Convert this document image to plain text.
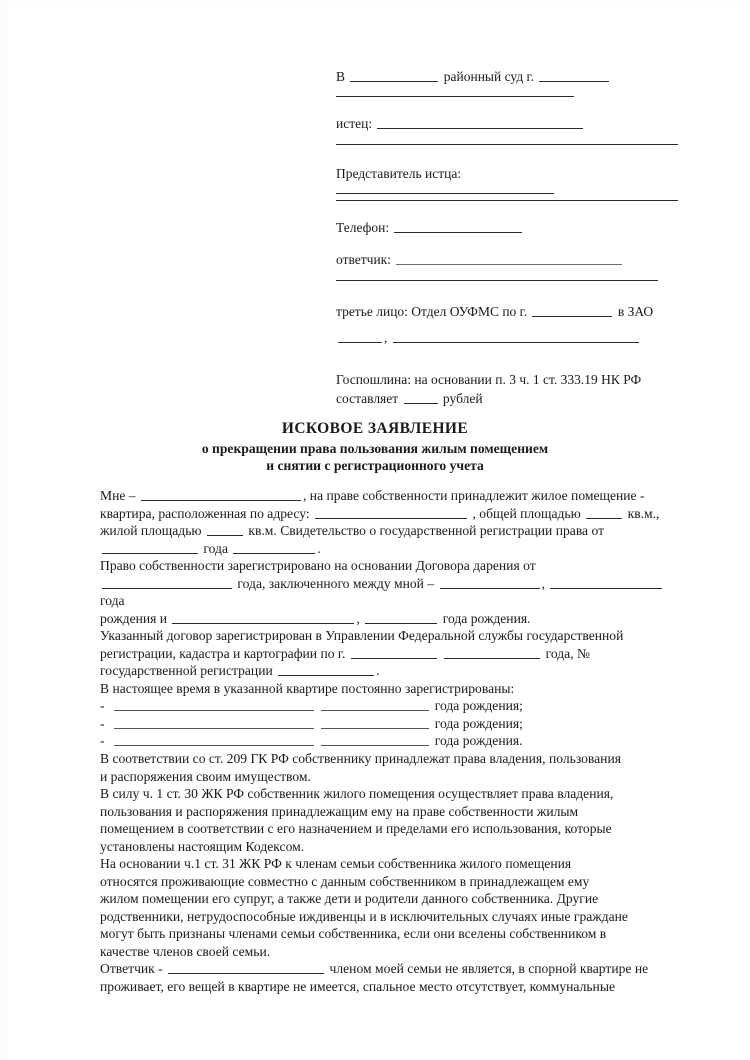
В	районный суд г.
истец:
Представитель истца:
Телефон:
ответчик:
третье лицо: Отдел ОУФМС по г.	в ЗАО
,
Госпошлина: на основании п. 3 ч. 1 ст. 333.19 НК РФ
составляет	рублей
ИСКОВОЕ ЗАЯВЛЕНИЕ
о прекращении права пользования жилым помещением
и снятии с регистрационного учета

Мне –	, на праве собственности принадлежит жилое помещение -
квартира, расположенная по адресу:	, общей площадью	кв.м.,
жилой площадью	кв.м. Свидетельство о государственной регистрации права от
года	.

Право собственности зарегистрировано на основании Договора дарения от
года, заключенного между мной –	,  года
рождения и	,	года рождения.

Указанный договор зарегистрирован в Управлении Федеральной службы государственной
регистрации, кадастра и картографии по г.	года, №
государственной регистрации	.

В настоящее время в указанной квартире постоянно зарегистрированы:

-	года рождения;

-	года рождения;

-	года рождения.

В соответствии со ст. 209 ГК РФ собственнику принадлежат права владения, пользования
и распоряжения своим имуществом.

В силу ч. 1 ст. 30 ЖК РФ собственник жилого помещения осуществляет права владения,
пользования и распоряжения принадлежащим ему на праве собственности жилым
помещением в соответствии с его назначением и пределами его использования, которые
установлены настоящим Кодексом.

На основании ч.1 ст. 31 ЖК РФ к членам семьи собственника жилого помещения
относятся проживающие совместно с данным собственником в принадлежащем ему
жилом помещении его супруг, а также дети и родители данного собственника. Другие
родственники, нетрудоспособные иждивенцы и в исключительных случаях иные граждане
могут быть признаны членами семьи собственника, если они вселены собственником в
качестве членов своей семьи.

Ответчик -	членом моей семьи не является, в спорной квартире не
проживает, его вещей в квартире не имеется, спальное место отсутствует, коммунальные
